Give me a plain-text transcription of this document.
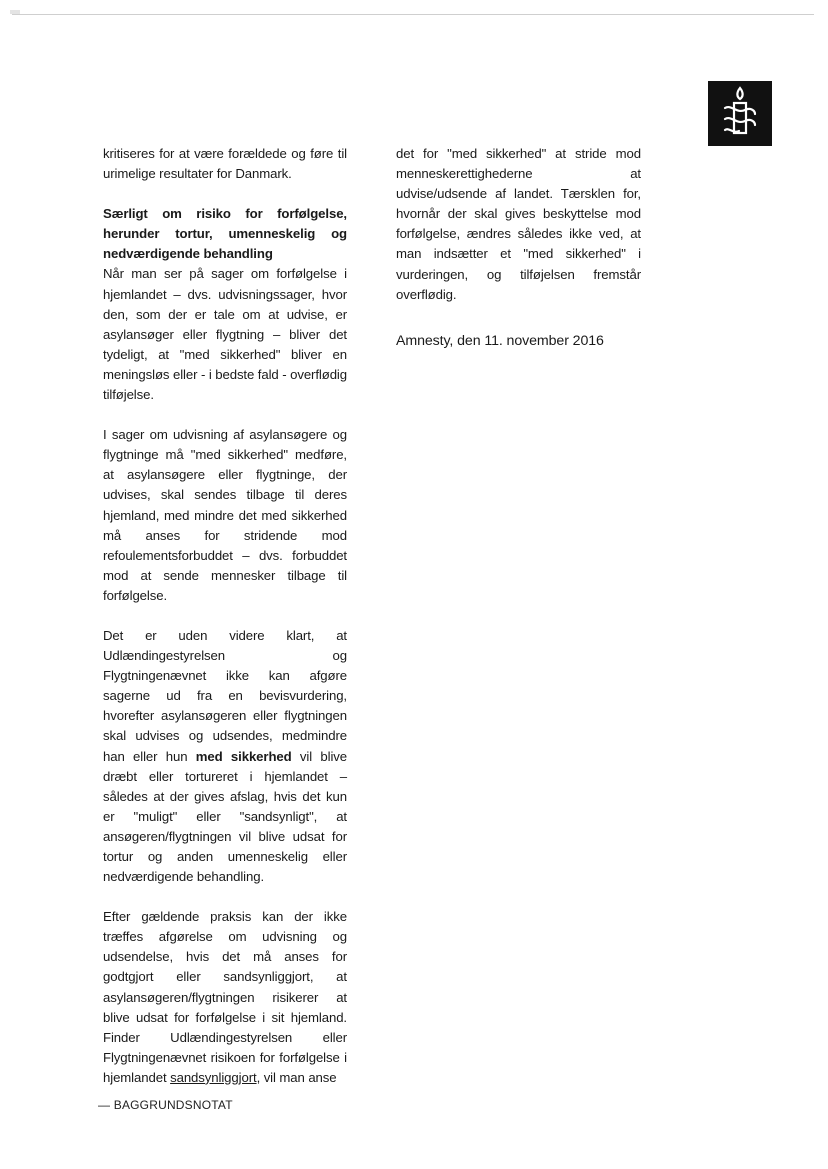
kritiseres for at være forældede og føre til urimelige resultater for Danmark.

Særligt om risiko for forfølgelse, herunder tortur, umenneskelig og nedværdigende behandling

Når man ser på sager om forfølgelse i hjemlandet – dvs. udvisningssager, hvor den, som der er tale om at udvise, er asylansøger eller flygtning – bliver det tydeligt, at "med sikkerhed" bliver en meningsløs eller - i bedste fald - overflødig tilføjelse.

I sager om udvisning af asylansøgere og flygtninge må "med sikkerhed" medføre, at asylansøgere eller flygtninge, der udvises, skal sendes tilbage til deres hjemland, med mindre det med sikkerhed må anses for stridende mod refoulementsforbuddet – dvs. forbuddet mod at sende mennesker tilbage til forfølgelse.

Det er uden videre klart, at Udlændingestyrelsen og Flygtningenævnet ikke kan afgøre sagerne ud fra en bevisvurdering, hvorefter asylansøgeren eller flygtningen skal udvises og udsendes, medmindre han eller hun med sikkerhed vil blive dræbt eller tortureret i hjemlandet – således at der gives afslag, hvis det kun er "muligt" eller "sandsynligt", at ansøgeren/flygtningen vil blive udsat for tortur og anden umenneskelig eller nedværdigende behandling.

Efter gældende praksis kan der ikke træffes afgørelse om udvisning og udsendelse, hvis det må anses for godtgjort eller sandsynliggjort, at asylansøgeren/flygtningen risikerer at blive udsat for forfølgelse i sit hjemland. Finder Udlændingestyrelsen eller Flygtningenævnet risikoen for forfølgelse i hjemlandet sandsynliggjort, vil man anse

det for "med sikkerhed" at stride mod menneskerettighederne at udvise/udsende af landet. Tærsklen for, hvornår der skal gives beskyttelse mod forfølgelse, ændres således ikke ved, at man indsætter et "med sikkerhed" i vurderingen, og tilføjelsen fremstår overflødig.

Amnesty, den 11. november 2016

— BAGGRUNDSNOTAT
